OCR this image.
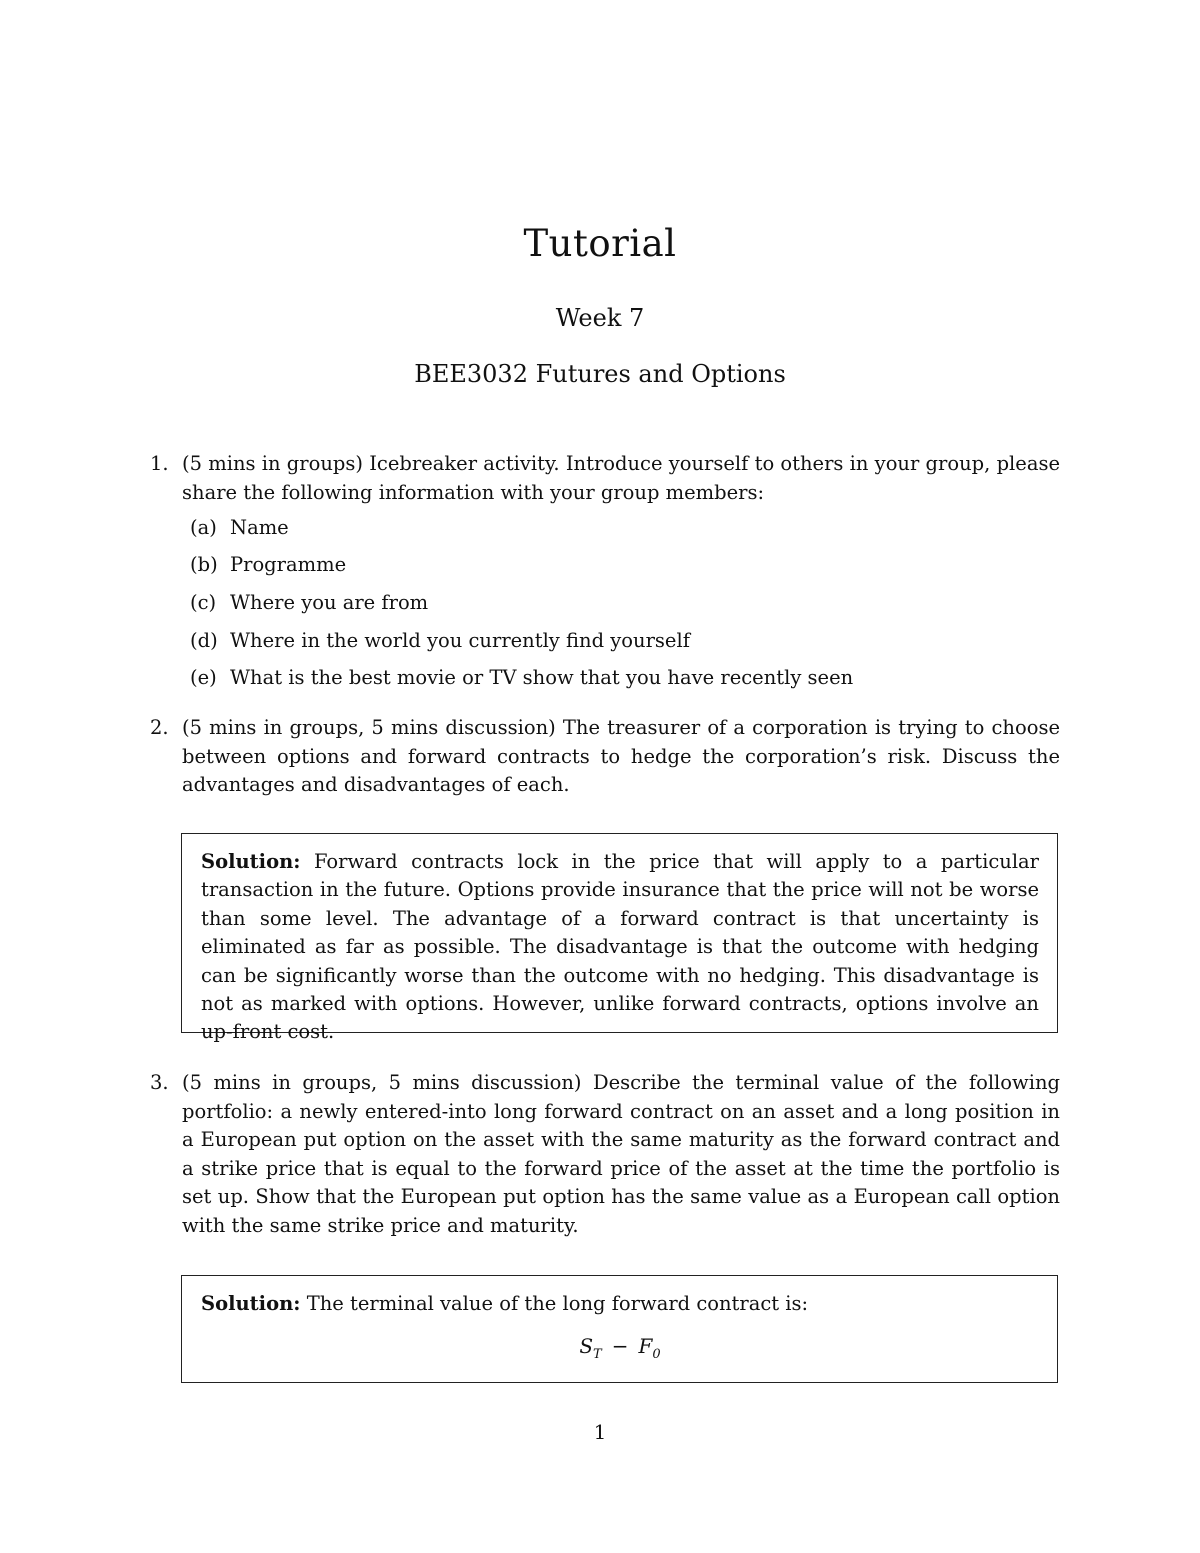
Tutorial
Week 7
BEE3032 Futures and Options
1. (5 mins in groups) Icebreaker activity. Introduce yourself to others in your group, please share the following information with your group members:
(a) Name
(b) Programme
(c) Where you are from
(d) Where in the world you currently find yourself
(e) What is the best movie or TV show that you have recently seen
2. (5 mins in groups, 5 mins discussion) The treasurer of a corporation is trying to choose between options and forward contracts to hedge the corporation’s risk. Discuss the advantages and disadvantages of each.
Solution: Forward contracts lock in the price that will apply to a particular transaction in the future. Options provide insurance that the price will not be worse than some level. The advantage of a forward contract is that uncertainty is eliminated as far as possible. The disadvantage is that the outcome with hedging can be significantly worse than the outcome with no hedging. This disadvantage is not as marked with options. However, unlike forward contracts, options involve an up-front cost.
3. (5 mins in groups, 5 mins discussion) Describe the terminal value of the following portfolio: a newly entered-into long forward contract on an asset and a long position in a European put option on the asset with the same maturity as the forward contract and a strike price that is equal to the forward price of the asset at the time the portfolio is set up. Show that the European put option has the same value as a European call option with the same strike price and maturity.
Solution: The terminal value of the long forward contract is:
$S_T - F_0$
1
